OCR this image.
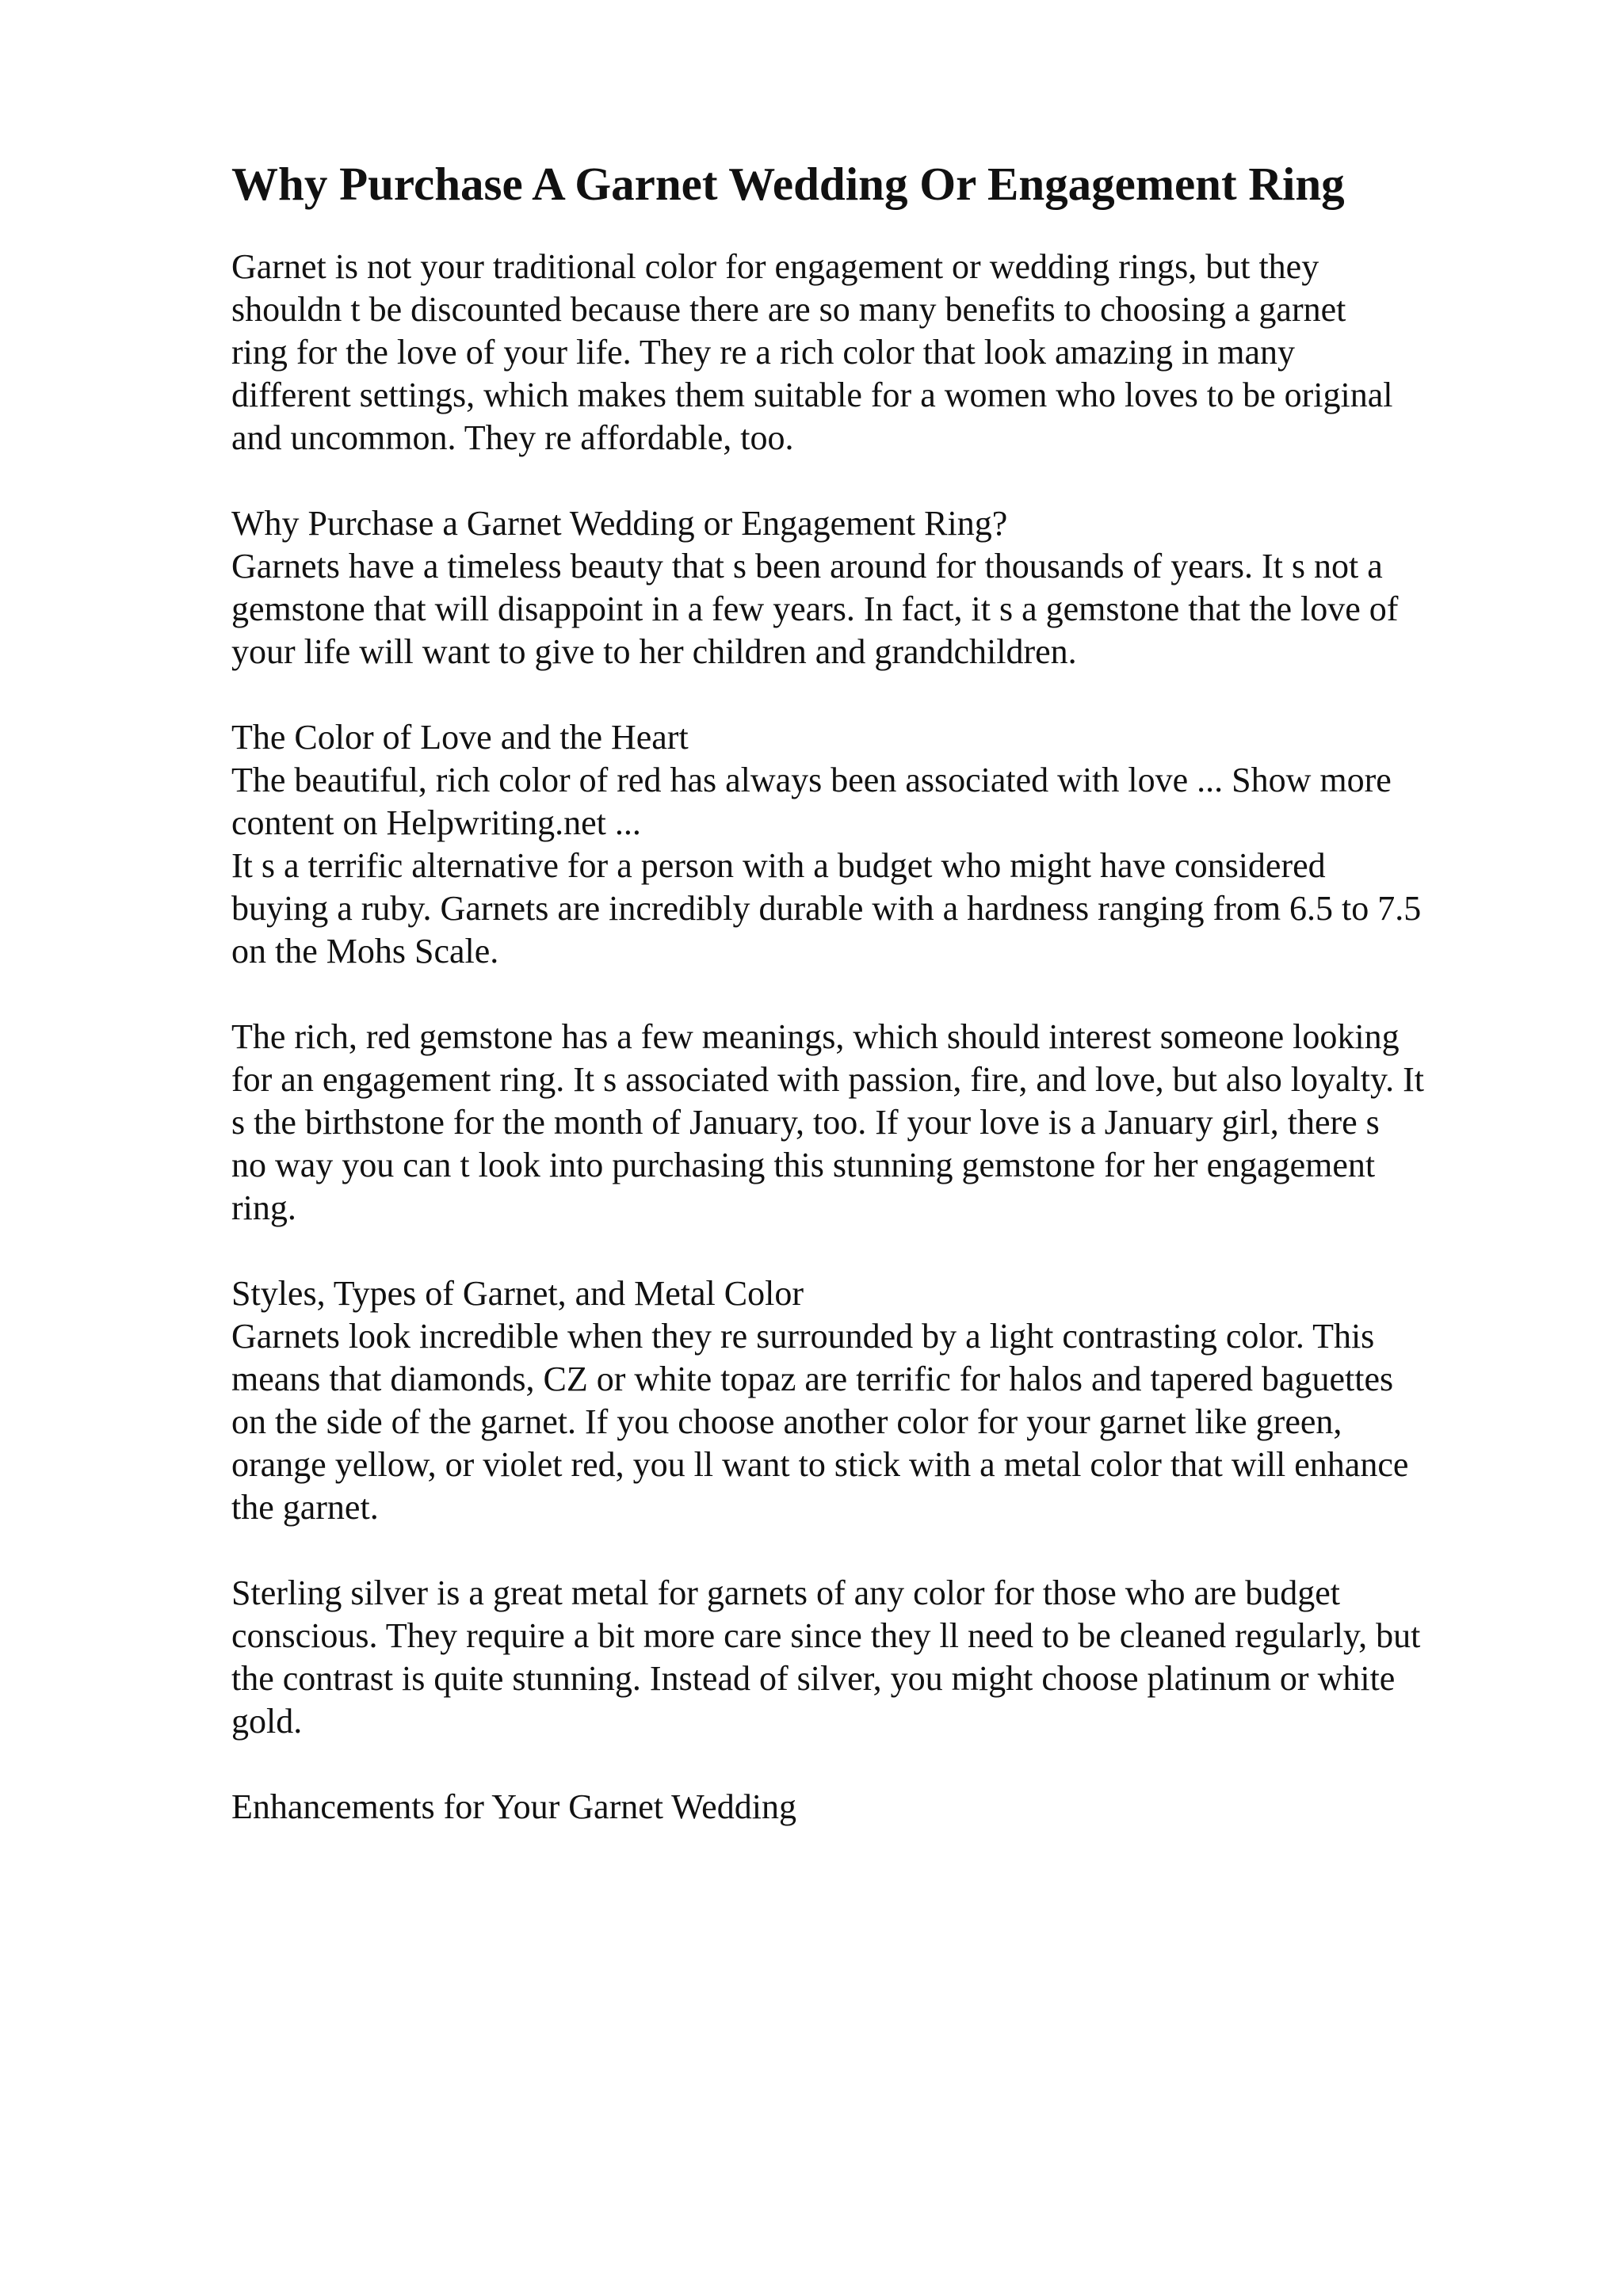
Why Purchase A Garnet Wedding Or Engagement Ring

Garnet is not your traditional color for engagement or wedding rings, but they
shouldn t be discounted because there are so many benefits to choosing a garnet
ring for the love of your life. They re a rich color that look amazing in many
different settings, which makes them suitable for a women who loves to be original
and uncommon. They re affordable, too.

Why Purchase a Garnet Wedding or Engagement Ring?
Garnets have a timeless beauty that s been around for thousands of years. It s not a
gemstone that will disappoint in a few years. In fact, it s a gemstone that the love of
your life will want to give to her children and grandchildren.

The Color of Love and the Heart
The beautiful, rich color of red has always been associated with love ... Show more
content on Helpwriting.net ...
It s a terrific alternative for a person with a budget who might have considered
buying a ruby. Garnets are incredibly durable with a hardness ranging from 6.5 to 7.5
on the Mohs Scale.

The rich, red gemstone has a few meanings, which should interest someone looking
for an engagement ring. It s associated with passion, fire, and love, but also loyalty. It
s the birthstone for the month of January, too. If your love is a January girl, there s
no way you can t look into purchasing this stunning gemstone for her engagement
ring.

Styles, Types of Garnet, and Metal Color
Garnets look incredible when they re surrounded by a light contrasting color. This
means that diamonds, CZ or white topaz are terrific for halos and tapered baguettes
on the side of the garnet. If you choose another color for your garnet like green,
orange yellow, or violet red, you ll want to stick with a metal color that will enhance
the garnet.

Sterling silver is a great metal for garnets of any color for those who are budget
conscious. They require a bit more care since they ll need to be cleaned regularly, but
the contrast is quite stunning. Instead of silver, you might choose platinum or white
gold.

Enhancements for Your Garnet Wedding
